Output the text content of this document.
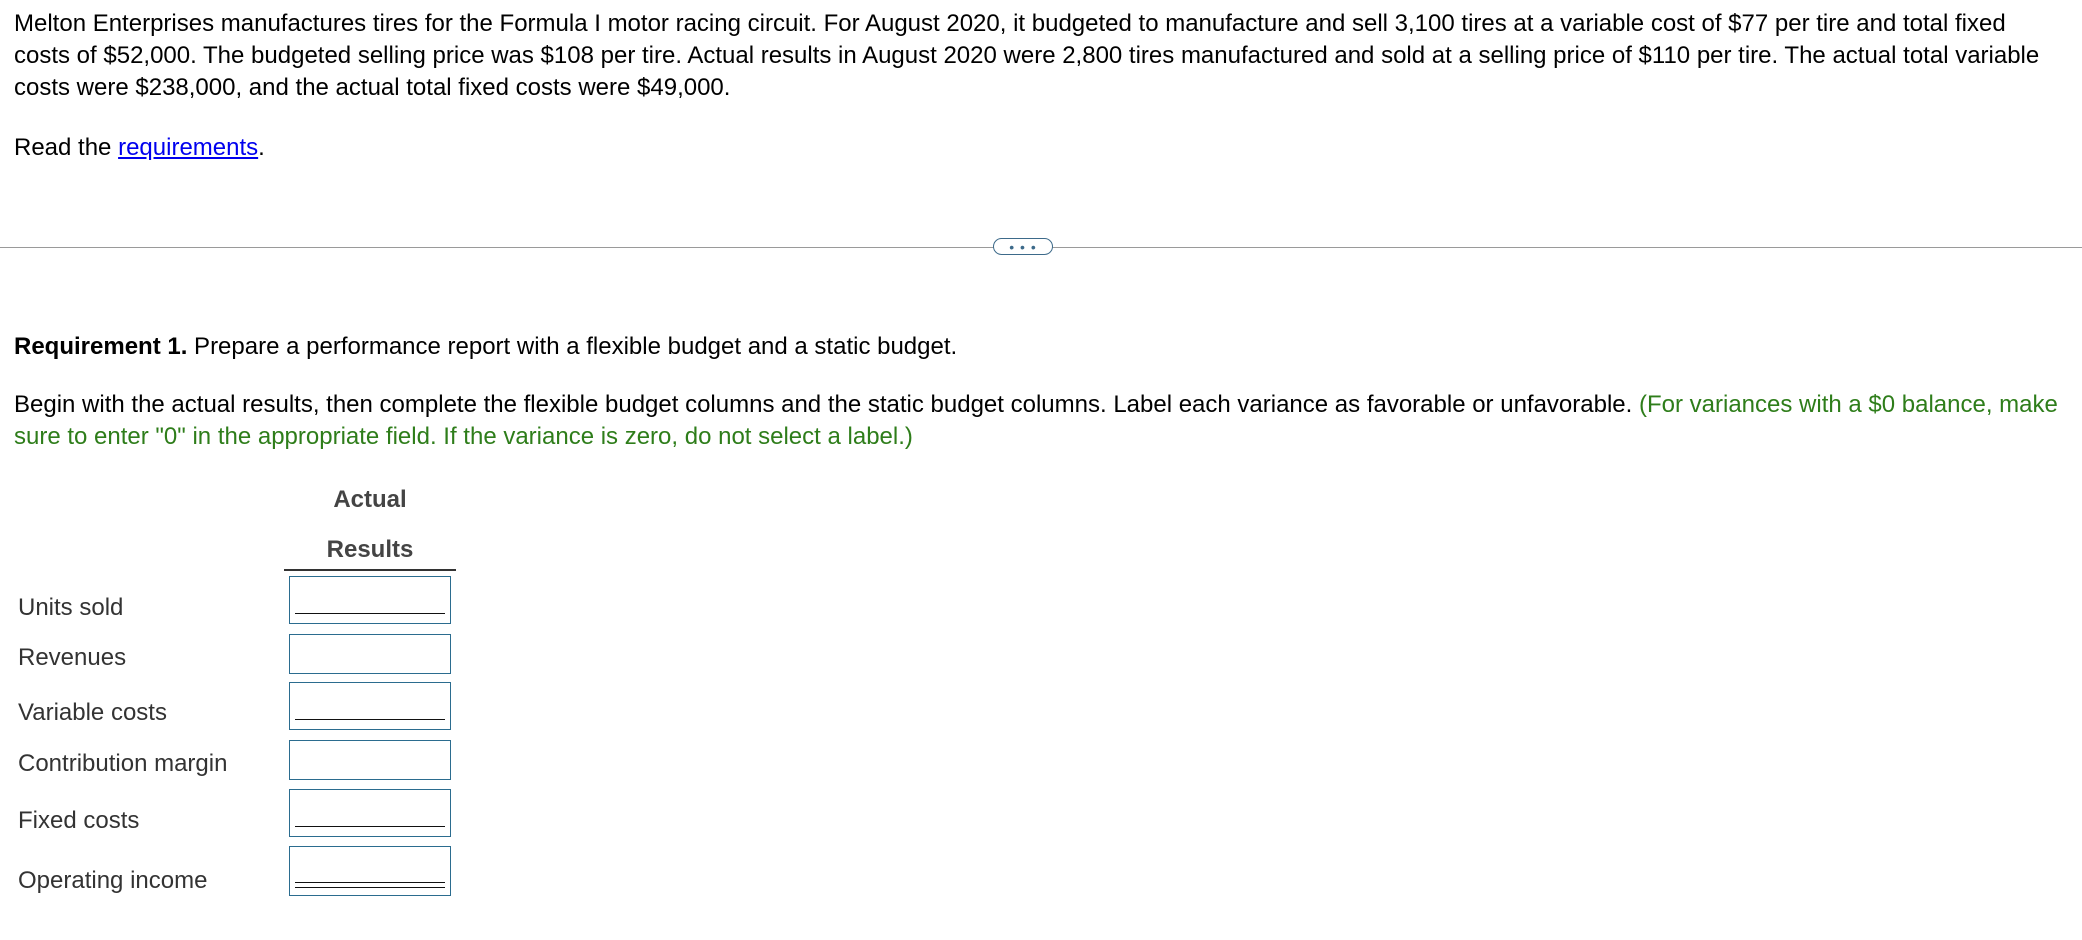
Melton Enterprises manufactures tires for the Formula I motor racing circuit. For August 2020, it budgeted to manufacture and sell 3,100 tires at a variable cost of $77 per tire and total fixed costs of $52,000. The budgeted selling price was $108 per tire. Actual results in August 2020 were 2,800 tires manufactured and sold at a selling price of $110 per tire. The actual total variable costs were $238,000, and the actual total fixed costs were $49,000.

Read the requirements.

• • •

Requirement 1. Prepare a performance report with a flexible budget and a static budget.

Begin with the actual results, then complete the flexible budget columns and the static budget columns. Label each variance as favorable or unfavorable. (For variances with a $0 balance, make sure to enter "0" in the appropriate field. If the variance is zero, do not select a label.)

Actual
Results
Units sold
Revenues
Variable costs
Contribution margin
Fixed costs
Operating income
